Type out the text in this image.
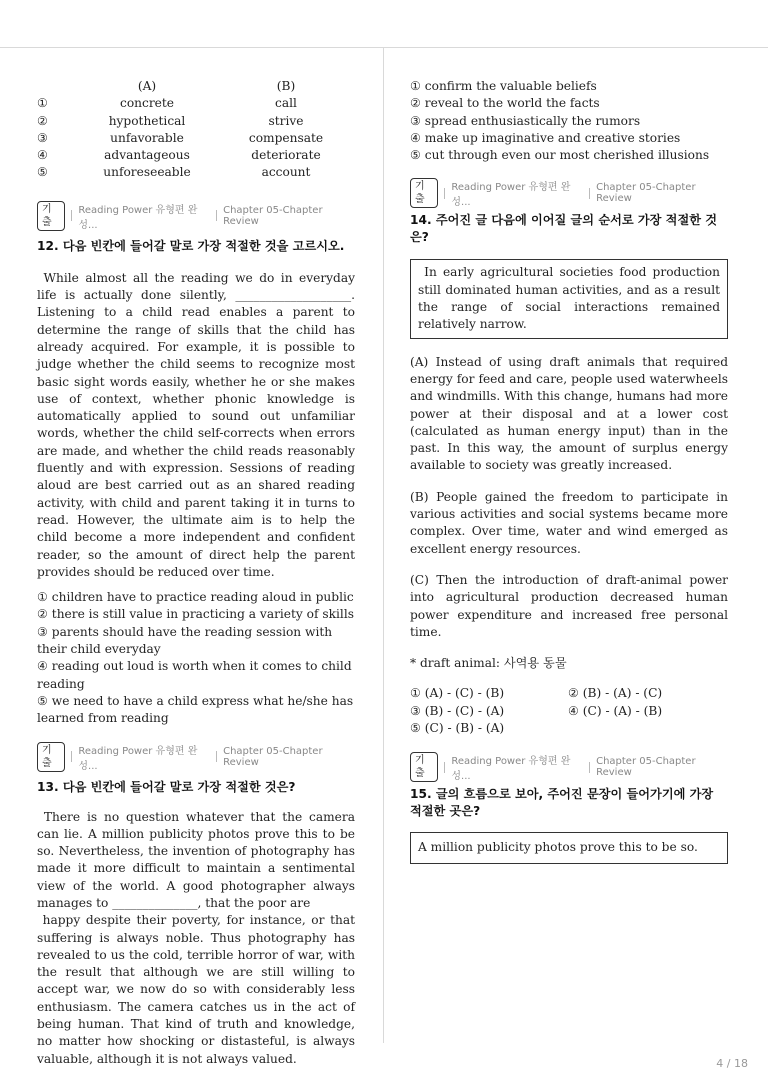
	(A)	(B)
①	concrete	call
②	hypothetical	strive
③	unfavorable	compensate
④	advantageous	deteriorate
⑤	unforeseeable	account
기출
Reading Power 유형편 완성...
Chapter 05-Chapter Review

12. 다음 빈칸에 들어갈 말로 가장 적절한 것을 고르시오.

While almost all the reading we do in everyday life is actually done silently, ___________________. Listening to a child read enables a parent to determine the range of skills that the child has already acquired. For example, it is possible to judge whether the child seems to recognize most basic sight words easily, whether he or she makes use of context, whether phonic knowledge is automatically applied to sound out unfamiliar words, whether the child self-corrects when errors are made, and whether the child reads reasonably fluently and with expression. Sessions of reading aloud are best carried out as an shared reading activity, with child and parent taking it in turns to read. However, the ultimate aim is to help the child become a more independent and confident reader, so the amount of direct help the parent provides should be reduced over time.

① children have to practice reading aloud in public
② there is still value in practicing a variety of skills
③ parents should have the reading session with their child everyday
④ reading out loud is worth when it comes to child reading
⑤ we need to have a child express what he/she has learned from reading
기출
Reading Power 유형편 완성...
Chapter 05-Chapter Review

13. 다음 빈칸에 들어갈 말로 가장 적절한 것은?

There is no question whatever that the camera can lie. A million publicity photos prove this to be so. Nevertheless, the invention of photography has made it more difficult to maintain a sentimental view of the world. A good photographer always manages to ______________, that the poor are

happy despite their poverty, for instance, or that suffering is always noble. Thus photography has revealed to us the cold, terrible horror of war, with the result that although we are still willing to accept war, we now do so with considerably less enthusiasm. The camera catches us in the act of being human. That kind of truth and knowledge, no matter how shocking or distasteful, is always valuable, although it is not always valued.

① confirm the valuable beliefs
② reveal to the world the facts
③ spread enthusiastically the rumors
④ make up imaginative and creative stories
⑤ cut through even our most cherished illusions
기출
Reading Power 유형편 완성...
Chapter 05-Chapter Review

14. 주어진 글 다음에 이어질 글의 순서로 가장 적절한 것은?

In early agricultural societies food production still dominated human activities, and as a result the range of social interactions remained relatively narrow.

(A) Instead of using draft animals that required energy for feed and care, people used waterwheels and windmills. With this change, humans had more power at their disposal and at a lower cost (calculated as human energy input) than in the past. In this way, the amount of surplus energy available to society was greatly increased.

(B) People gained the freedom to participate in various activities and social systems became more complex. Over time, water and wind emerged as excellent energy resources.

(C) Then the introduction of draft-animal power into agricultural production decreased human power expenditure and increased free personal time.

* draft animal: 사역용 동물

① (A) - (C) - (B)	② (B) - (A) - (C)
③ (B) - (C) - (A)	④ (C) - (A) - (B)
⑤ (C) - (B) - (A)
기출
Reading Power 유형편 완성...
Chapter 05-Chapter Review

15. 글의 흐름으로 보아, 주어진 문장이 들어가기에 가장 적절한 곳은?

A million publicity photos prove this to be so.

4 / 18
